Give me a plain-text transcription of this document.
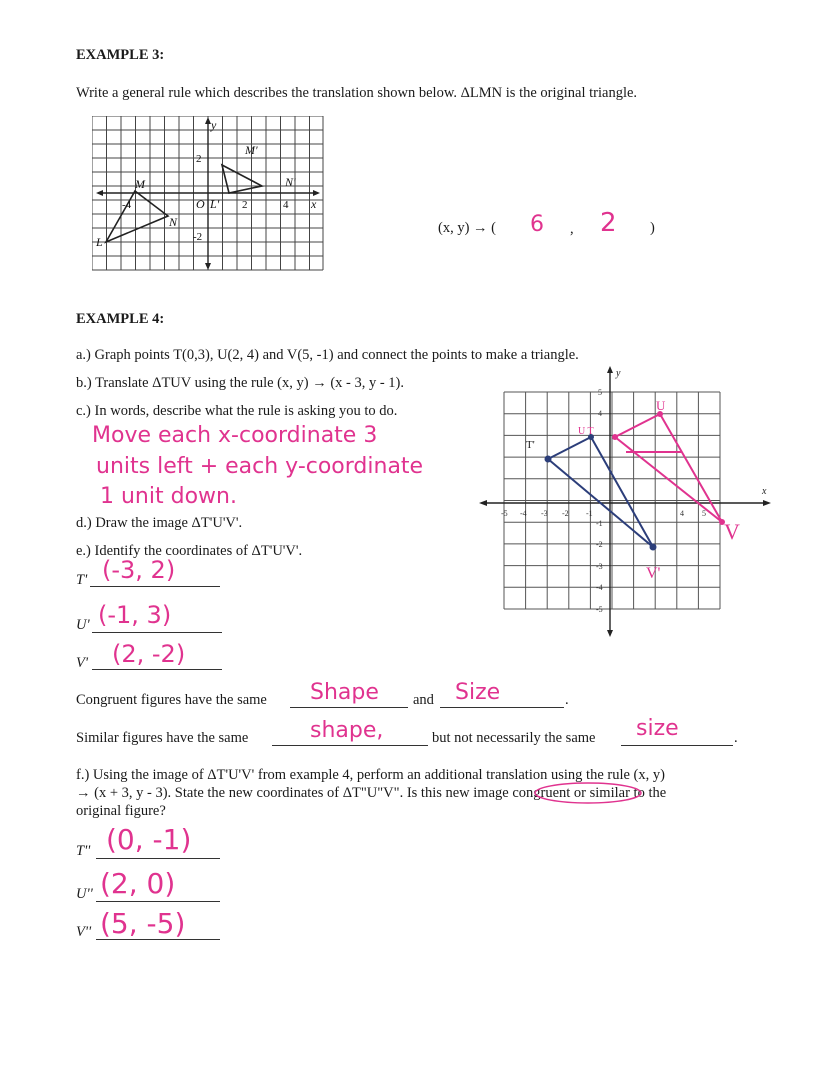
EXAMPLE 3:
Write a general rule which describes the translation shown below. ΔLMN is the original triangle.
M
N
L
M'
N'
O L'
y
x
2
-2
-4	2	4
(x, y) → ( 6 , 2 )
EXAMPLE 4:
a.) Graph points T(0,3), U(2, 4) and V(5, -1) and connect the points to make a triangle.
b.) Translate ΔTUV using the rule (x, y) → (x - 3, y - 1).
c.) In words, describe what the rule is asking you to do.
Move each x-coordinate 3
units left + each y-coordinate
1 unit down.
d.) Draw the image ΔT'U'V'.
e.) Identify the coordinates of ΔT'U'V'.
T' (-3, 2)
U' (-1, 3)
V' (2, -2)
-5 -4 -3 -2 -1	4 5
5
4
-1
-2
-3
-4
-5
y
x
U
V
U T
V'
T'
Congruent figures have the same Shape and Size	.
Similar figures have the same	shape,	but not necessarily the same size	.
f.) Using the image of ΔT'U'V' from example 4, perform an additional translation using the rule (x, y)
→ (x + 3, y - 3). State the new coordinates of ΔT"U"V". Is this new image congruent or similar to the
original figure?
T'' (0, -1)
U'' (2, 0)
V'' (5, -5)
